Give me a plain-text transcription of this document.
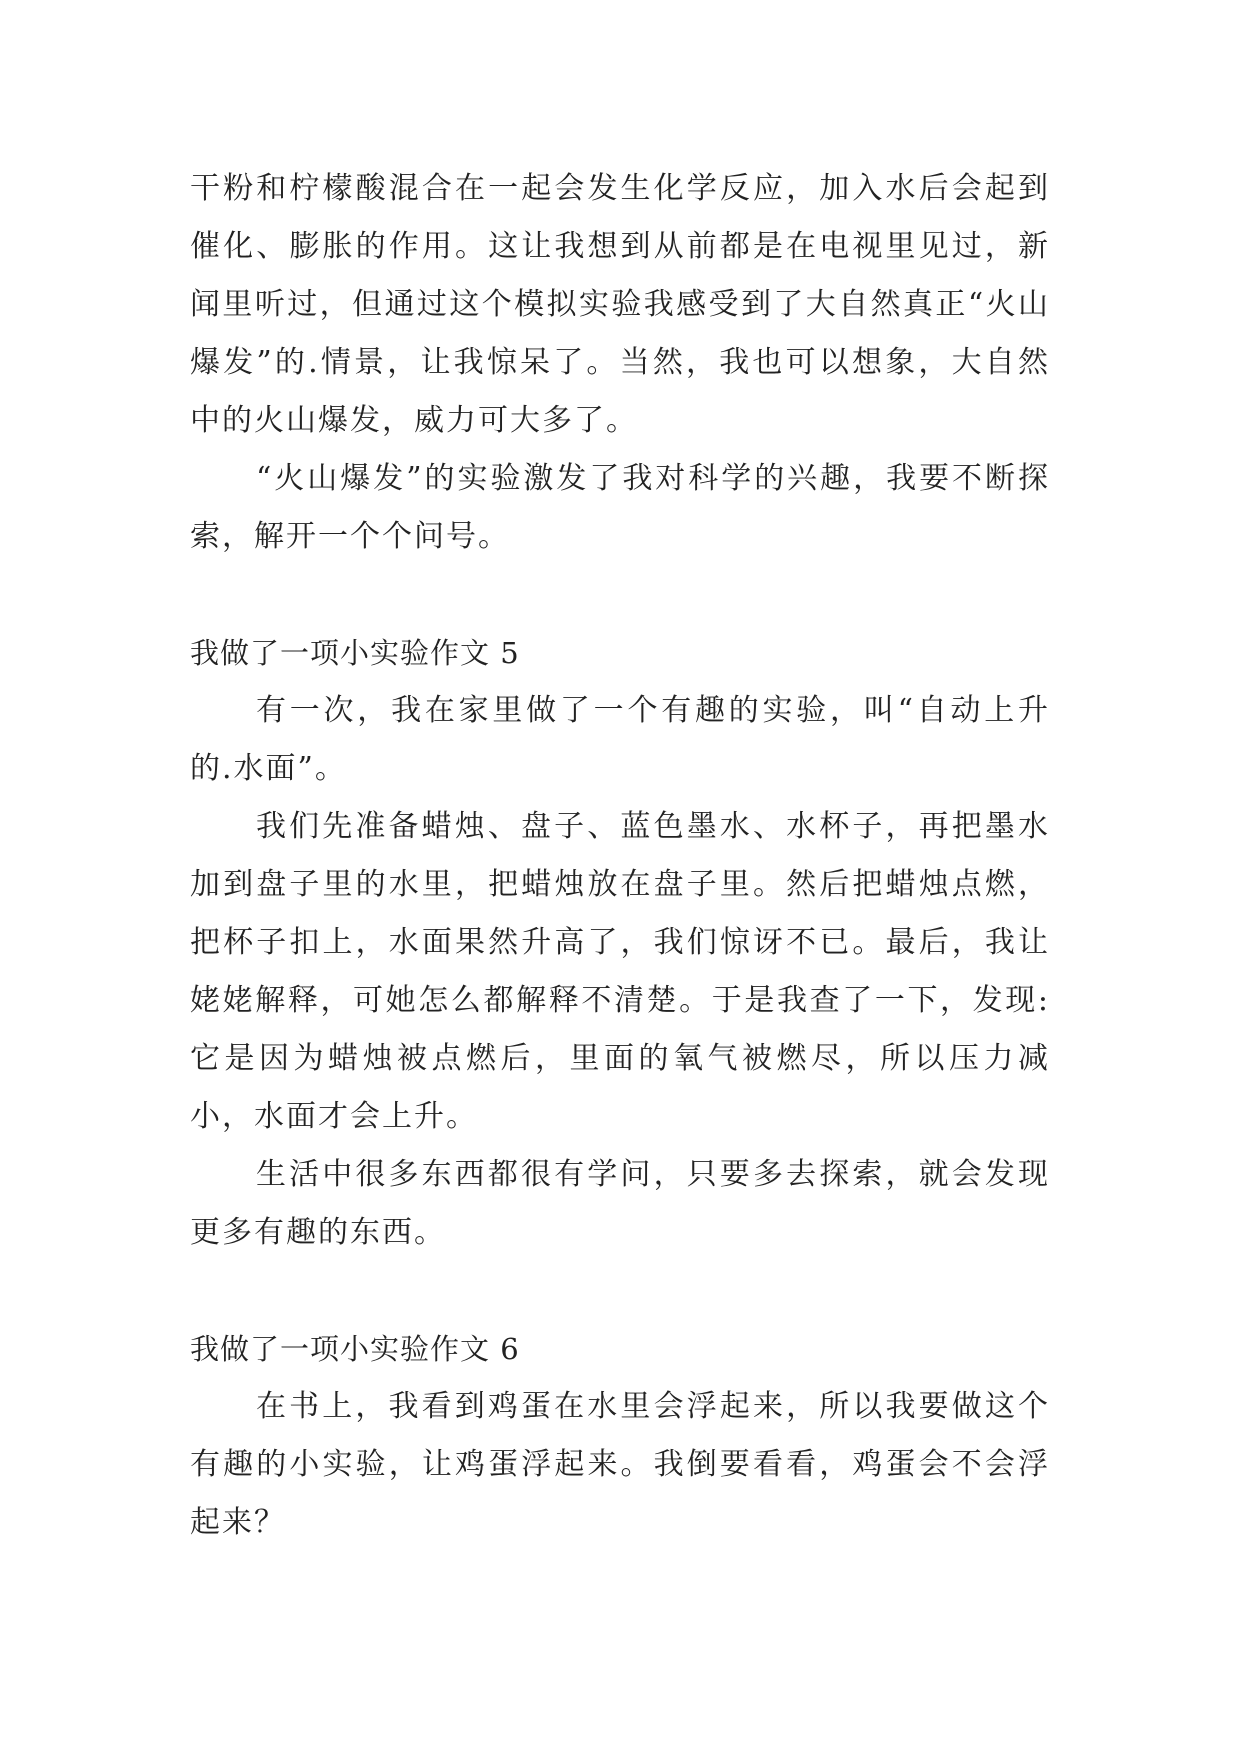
干粉和柠檬酸混合在一起会发生化学反应，加入水后会起到催化、膨胀的作用。这让我想到从前都是在电视里见过，新闻里听过，但通过这个模拟实验我感受到了大自然真正“火山爆发”的.情景，让我惊呆了。当然，我也可以想象，大自然中的火山爆发，威力可大多了。

“火山爆发”的实验激发了我对科学的兴趣，我要不断探索，解开一个个问号。

我做了一项小实验作文 5

有一次，我在家里做了一个有趣的实验，叫“自动上升的.水面”。

我们先准备蜡烛、盘子、蓝色墨水、水杯子，再把墨水加到盘子里的水里，把蜡烛放在盘子里。然后把蜡烛点燃，把杯子扣上，水面果然升高了，我们惊讶不已。最后，我让姥姥解释，可她怎么都解释不清楚。于是我查了一下，发现:它是因为蜡烛被点燃后，里面的氧气被燃尽，所以压力减小，水面才会上升。

生活中很多东西都很有学问，只要多去探索，就会发现更多有趣的东西。

我做了一项小实验作文 6

在书上，我看到鸡蛋在水里会浮起来，所以我要做这个有趣的小实验，让鸡蛋浮起来。我倒要看看，鸡蛋会不会浮起来？
